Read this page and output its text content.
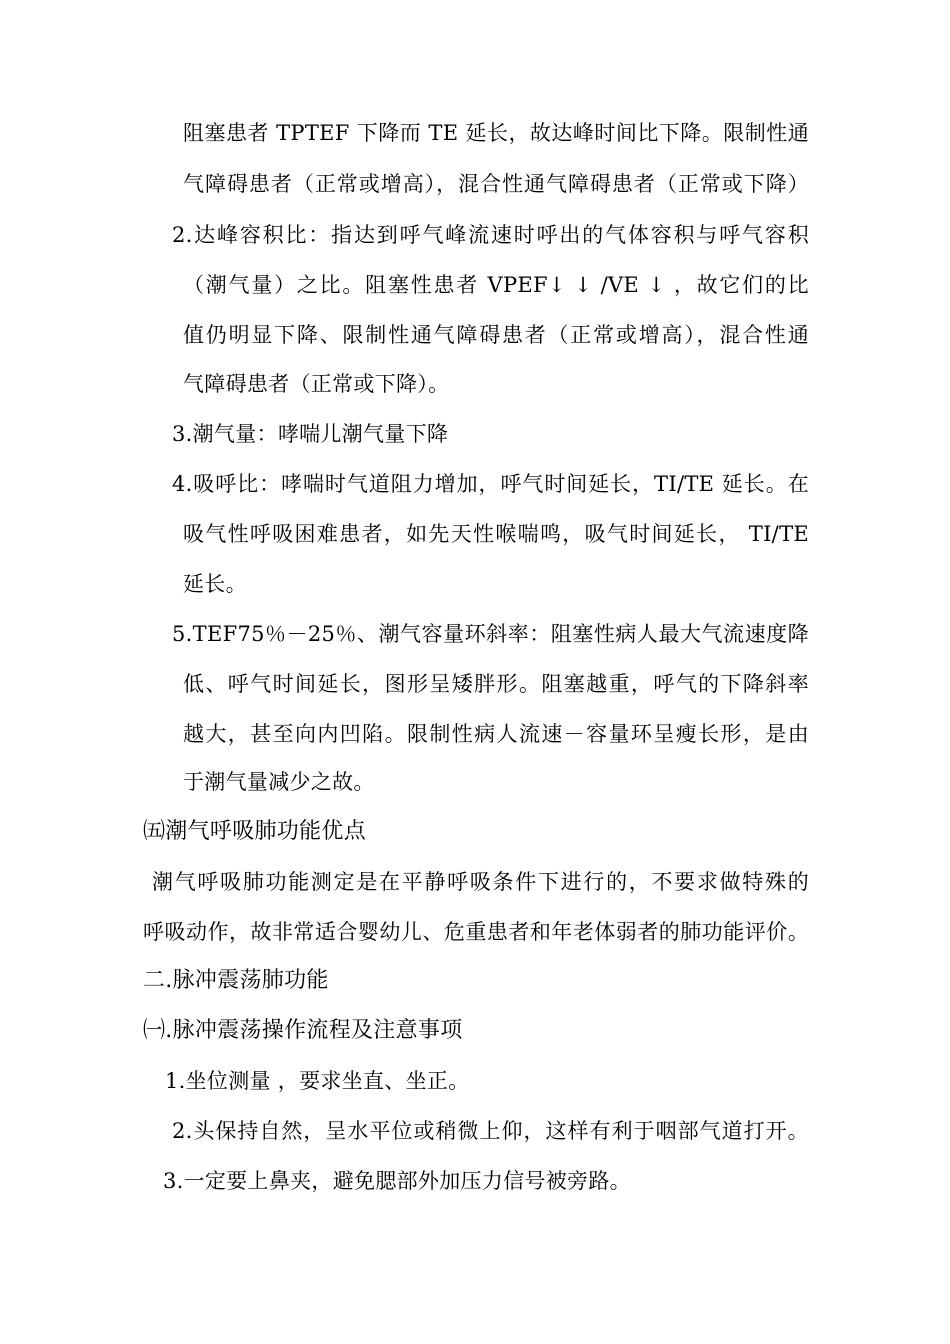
阻塞患者 TPTEF 下降而 TE 延长，故达峰时间比下降。限制性通
气障碍患者（正常或增高），混合性通气障碍患者（正常或下降）
2.达峰容积比：指达到呼气峰流速时呼出的气体容积与呼气容积
（潮气量）之比。阻塞性患者 VPEF↓ ↓ /VE ↓ ，故它们的比
值仍明显下降、限制性通气障碍患者（正常或增高），混合性通
气障碍患者（正常或下降）。
3.潮气量：哮喘儿潮气量下降
4.吸呼比：哮喘时气道阻力增加，呼气时间延长，TI/TE 延长。在
吸气性呼吸困难患者，如先天性喉喘鸣，吸气时间延长， TI/TE
延长。
5.TEF75％－25％、潮气容量环斜率：阻塞性病人最大气流速度降
低、呼气时间延长，图形呈矮胖形。阻塞越重，呼气的下降斜率
越大，甚至向内凹陷。限制性病人流速－容量环呈瘦长形，是由
于潮气量减少之故。
㈤潮气呼吸肺功能优点
潮气呼吸肺功能测定是在平静呼吸条件下进行的，不要求做特殊的
呼吸动作，故非常适合婴幼儿、危重患者和年老体弱者的肺功能评价。
二.脉冲震荡肺功能
㈠.脉冲震荡操作流程及注意事项
1.坐位测量 ，要求坐直、坐正。
2.头保持自然，呈水平位或稍微上仰，这样有利于咽部气道打开。
3.一定要上鼻夹，避免腮部外加压力信号被旁路。
